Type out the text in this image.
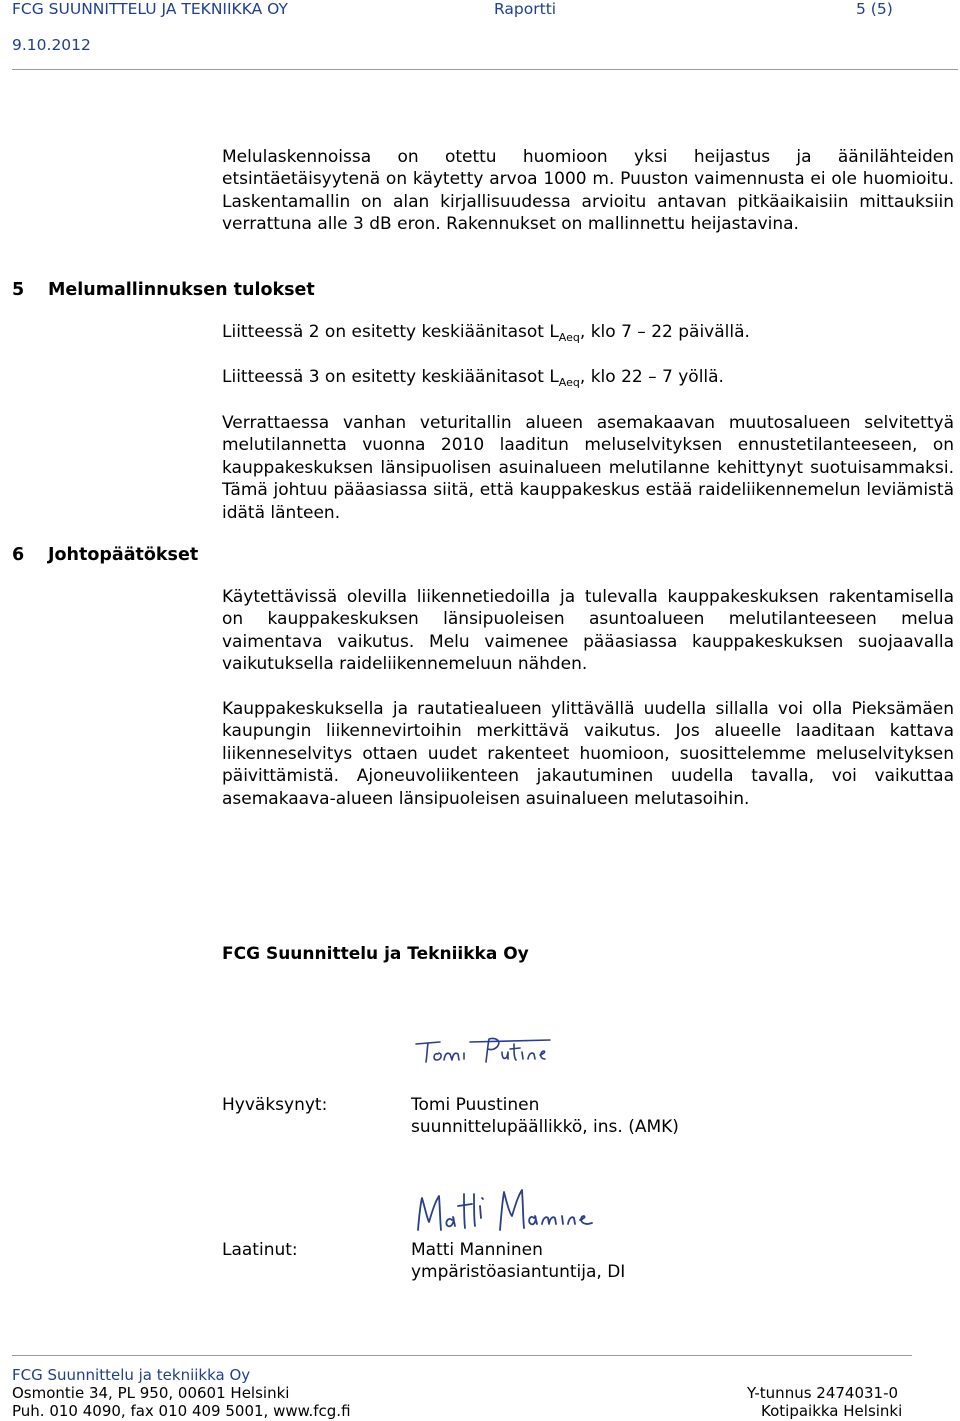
FCG SUUNNITTELU JA TEKNIIKKA OY	Raportti	5 (5)
9.10.2012
Melulaskennoissa on otettu huomioon yksi heijastus ja äänilähteiden etsintäetäisyytenä on käytetty arvoa 1000 m. Puuston vaimennusta ei ole huomioitu. Laskentamallin on alan kirjallisuudessa arvioitu antavan pitkäaikaisiin mittauksiin verrattuna alle 3 dB eron. Rakennukset on mallinnettu heijastavina.
5 Melumallinnuksen tulokset
Liitteessä 2 on esitetty keskiäänitasot $L_{Aeq}$, klo 7 – 22 päivällä.
Liitteessä 3 on esitetty keskiäänitasot $L_{Aeq}$, klo 22 – 7 yöllä.
Verrattaessa vanhan veturitallin alueen asemakaavan muutosalueen selvitettyä melutilannetta vuonna 2010 laaditun meluselvityksen ennustetilanteeseen, on kauppakeskuksen länsipuolisen asuinalueen melutilanne kehittynyt suotuisammaksi. Tämä johtuu pääasiassa siitä, että kauppakeskus estää raideliikennemelun leviämistä idätä länteen.
6 Johtopäätökset
Käytettävissä olevilla liikennetiedoilla ja tulevalla kauppakeskuksen rakentamisella on kauppakeskuksen länsipuoleisen asuntoalueen melutilanteeseen melua vaimentava vaikutus. Melu vaimenee pääasiassa kauppakeskuksen suojaavalla vaikutuksella raideliikennemeluun nähden.
Kauppakeskuksella ja rautatiealueen ylittävällä uudella sillalla voi olla Pieksämäen kaupungin liikennevirtoihin merkittävä vaikutus. Jos alueelle laaditaan kattava liikenneselvitys ottaen uudet rakenteet huomioon, suosittelemme meluselvityksen päivittämistä. Ajoneuvoliikenteen jakautuminen uudella tavalla, voi vaikuttaa asemakaava-alueen länsipuoleisen asuinalueen melutasoihin.
FCG Suunnittelu ja Tekniikka Oy
Hyväksynyt:	Tomi Puustinen
suunnittelupäällikkö, ins. (AMK)
Laatinut:	Matti Manninen
ympäristöasiantuntija, DI
FCG Suunnittelu ja tekniikka Oy
Osmontie 34, PL 950, 00601 Helsinki
Puh. 010 4090, fax 010 409 5001, www.fcg.fi
Y-tunnus 2474031-0
Kotipaikka Helsinki
